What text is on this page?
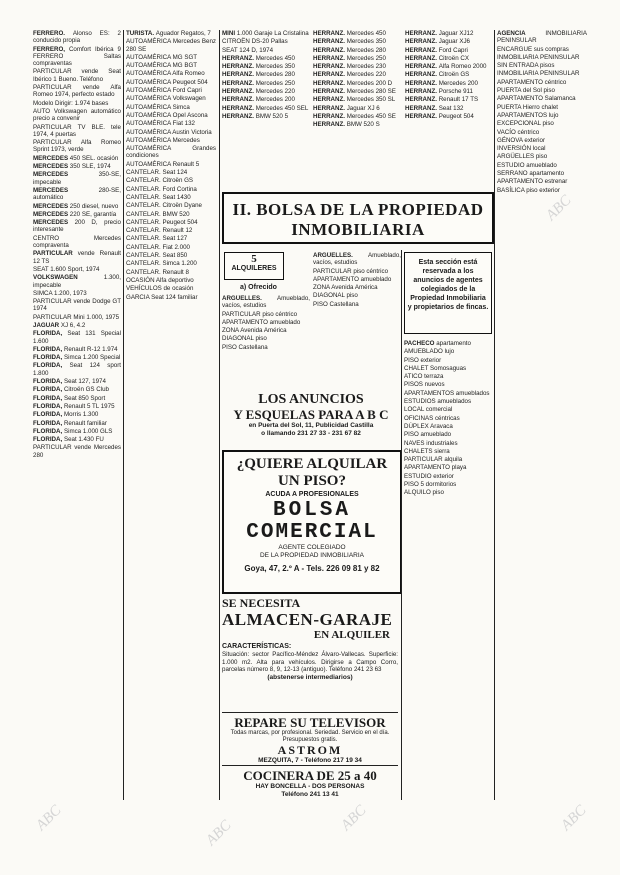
ABC	ABC	ABC	ABC
ABC

FERRERO. Alonso ES: 2 conducido propia

FERRERO, Comfort Ibérica 9 FERRERO Saltas compraventas

PARTICULAR vende Seat Ibérico 1 Bueno. Teléfono

PARTICULAR vende Alfa Romeo 1974, perfecto estado

Modelo Dirigir: 1.974 bases

AUTO Volkswagen automático precio a convenir

PARTICULAR TV BLE. tele 1974, 4 puertas

PARTICULAR Alfa Romeo Sprint 1973, verde

MERCEDES 450 SEL. ocasión

MERCEDES 350 SLE, 1974

MERCEDES 350-SE, impecable

MERCEDES 280-SE, automático

MERCEDES 250 diesel, nuevo

MERCEDES 220 SE, garantía

MERCEDES 200 D, precio interesante

CENTRO Mercedes compraventa

PARTICULAR vende Renault 12 TS

SEAT 1.600 Sport, 1974

VOLKSWAGEN 1.300, impecable

SIMCA 1.200, 1973

PARTICULAR vende Dodge GT 1974

PARTICULAR Mini 1.000, 1975

JAGUAR XJ 6, 4.2

FLORIDA, Seat 131 Special 1.600

FLORIDA, Renault R-12 1.974

FLORIDA, Simca 1.200 Special

FLORIDA, Seat 124 sport 1.800

FLORIDA, Seat 127, 1974

FLORIDA, Citroën GS Club

FLORIDA, Seat 850 Sport

FLORIDA, Renault 5 TL 1975

FLORIDA, Morris 1.300

FLORIDA, Renault familiar

FLORIDA, Simca 1.000 GLS

FLORIDA, Seat 1.430 FU

PARTICULAR vende Mercedes 280

TURISTA. Aguador Regatos, 7

AUTOAMÉRICA Mercedes Benz 280 SE

AUTOAMÉRICA MG SGT

AUTOAMÉRICA MG BGT

AUTOAMÉRICA Alfa Romeo

AUTOAMÉRICA Peugeot 504

AUTOAMÉRICA Ford Capri

AUTOAMÉRICA Volkswagen

AUTOAMÉRICA Simca

AUTOAMÉRICA Opel Ascona

AUTOAMÉRICA Fiat 132

AUTOAMÉRICA Austin Victoria

AUTOAMÉRICA Mercedes

AUTOAMÉRICA Grandes condiciones

AUTOAMÉRICA Renault 5

CANTELAR. Seat 124

CANTELAR. Citroën GS

CANTELAR. Ford Cortina

CANTELAR. Seat 1430

CANTELAR. Citroën Dyane

CANTELAR. BMW 520

CANTELAR. Peugeot 504

CANTELAR. Renault 12

CANTELAR. Seat 127

CANTELAR. Fiat 2.000

CANTELAR. Seat 850

CANTELAR. Simca 1.200

CANTELAR. Renault 8

OCASIÓN Alfa deportivo

VEHÍCULOS de ocasión

GARCIA Seat 124 familiar

MINI 1.000 Garaje La Cristalina

CITROËN DS-20 Pallas

SEAT 124 D, 1974

HERRANZ. Mercedes 450

HERRANZ. Mercedes 350

HERRANZ. Mercedes 280

HERRANZ. Mercedes 250

HERRANZ. Mercedes 220

HERRANZ. Mercedes 200

HERRANZ. Mercedes 450 SEL

HERRANZ. BMW 520 5

HERRANZ. Mercedes 450

HERRANZ. Mercedes 350

HERRANZ. Mercedes 280

HERRANZ. Mercedes 250

HERRANZ. Mercedes 230

HERRANZ. Mercedes 220

HERRANZ. Mercedes 200 D

HERRANZ. Mercedes 280 SE

HERRANZ. Mercedes 350 SL

HERRANZ. Jaguar XJ 6

HERRANZ. Mercedes 450 SE

HERRANZ. BMW 520 S

HERRANZ. Jaguar XJ12

HERRANZ. Jaguar XJ6

HERRANZ. Ford Capri

HERRANZ. Citroën CX

HERRANZ. Alfa Romeo 2000

HERRANZ. Citroën GS

HERRANZ. Mercedes 200

HERRANZ. Porsche 911

HERRANZ. Renault 17 TS

HERRANZ. Seat 132

HERRANZ. Peugeot 504

AGENCIA INMOBILIARIA PENINSULAR

ENCARGUE sus compras

INMOBILIARIA PENINSULAR

SIN ENTRADA pisos

INMOBILIARIA PENINSULAR

APARTAMENTO céntrico

PUERTA del Sol piso

APARTAMENTO Salamanca

PUERTA Hierro chalet

APARTAMENTOS lujo

EXCEPCIONAL piso

VACÍO céntrico

GÉNOVA exterior

INVERSIÓN local

ARGÜELLES piso

ESTUDIO amueblado

SERRANO apartamento

APARTAMENTO estrenar

BASÍLICA piso exterior

II. BOLSA DE LA PROPIEDAD
INMOBILIARIA
5
ALQUILERES
a) Ofrecido

ARGÜELLES. Amueblado, vacíos, estudios

PARTICULAR piso céntrico

APARTAMENTO amueblado

ZONA Avenida América

DIAGONAL piso

PISO Castellana

ARGÜELLES. Amueblado, vacíos, estudios

PARTICULAR piso céntrico

APARTAMENTO amueblado

ZONA Avenida América

DIAGONAL piso

PISO Castellana

Esta sección está
reservada a los
anuncios de agentes
colegiados de la
Propiedad Inmobiliaria
y propietarios de fincas.

PACHECO apartamento

AMUEBLADO lujo

PISO exterior

CHALET Somosaguas

ATICO terraza

PISOS nuevos

APARTAMENTOS amueblados

ESTUDIOS amueblados

LOCAL comercial

OFICINAS céntricas

DÚPLEX Aravaca

PISO amueblado

NAVES industriales

CHALETS sierra

PARTICULAR alquila

APARTAMENTO playa

ESTUDIO exterior

PISO 5 dormitorios

ALQUILO piso

LOS ANUNCIOS
Y ESQUELAS PARA A B C
en Puerta del Sol, 11, Publicidad Castilla
o llamando 231 27 33 - 231 67 82
¿QUIERE ALQUILAR
UN PISO?
ACUDA A PROFESIONALES
BOLSA
COMERCIAL
AGENTE COLEGIADO
DE LA PROPIEDAD INMOBILIARIA
Goya, 47, 2.º A - Tels. 226 09 81 y 82
SE NECESITA
ALMACEN-GARAJE
EN ALQUILER
CARACTERÍSTICAS:
Situación: sector Pacífico-Méndez Álvaro-Vallecas. Superficie: 1.000 m2. Alta para vehículos. Dirigirse a Campo Corro, parcelas número 8, 9, 12-13 (antiguo). Teléfono 241 23 63
(abstenerse intermediarios)
REPARE SU TELEVISOR
Todas marcas, por profesional. Seriedad. Servicio en el día. Presupuestos gratis.
ASTROM
MEZQUITA, 7 - Teléfono 217 19 34
COCINERA DE 25 a 40
HAY BONCELLA - DOS PERSONAS
Teléfono 241 13 41
